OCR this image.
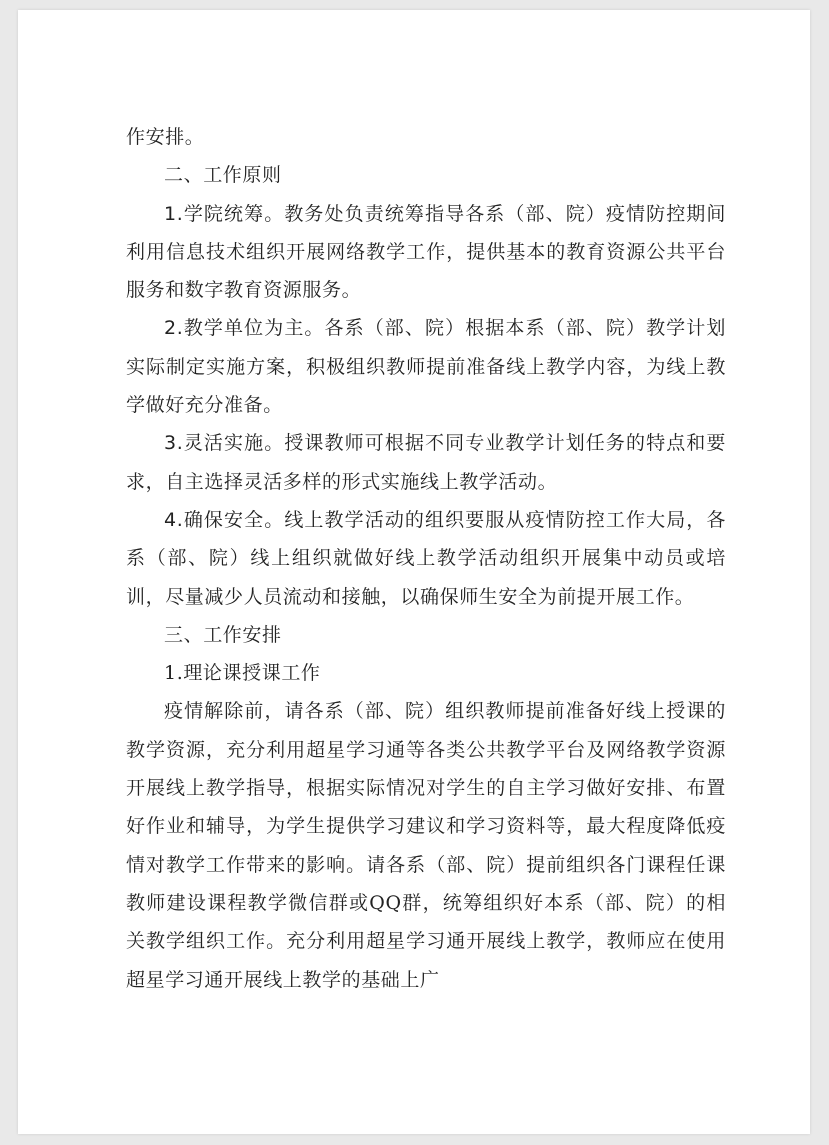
作安排。

二、工作原则

1.学院统筹。教务处负责统筹指导各系（部、院）疫情防控期间利用信息技术组织开展网络教学工作，提供基本的教育资源公共平台服务和数字教育资源服务。

2.教学单位为主。各系（部、院）根据本系（部、院）教学计划实际制定实施方案，积极组织教师提前准备线上教学内容，为线上教学做好充分准备。

3.灵活实施。授课教师可根据不同专业教学计划任务的特点和要求，自主选择灵活多样的形式实施线上教学活动。

4.确保安全。线上教学活动的组织要服从疫情防控工作大局，各系（部、院）线上组织就做好线上教学活动组织开展集中动员或培训，尽量减少人员流动和接触，以确保师生安全为前提开展工作。

三、工作安排

1.理论课授课工作

疫情解除前，请各系（部、院）组织教师提前准备好线上授课的教学资源，充分利用超星学习通等各类公共教学平台及网络教学资源开展线上教学指导，根据实际情况对学生的自主学习做好安排、布置好作业和辅导，为学生提供学习建议和学习资料等，最大程度降低疫情对教学工作带来的影响。请各系（部、院）提前组织各门课程任课教师建设课程教学微信群或QQ群，统筹组织好本系（部、院）的相关教学组织工作。充分利用超星学习通开展线上教学，教师应在使用超星学习通开展线上教学的基础上广
